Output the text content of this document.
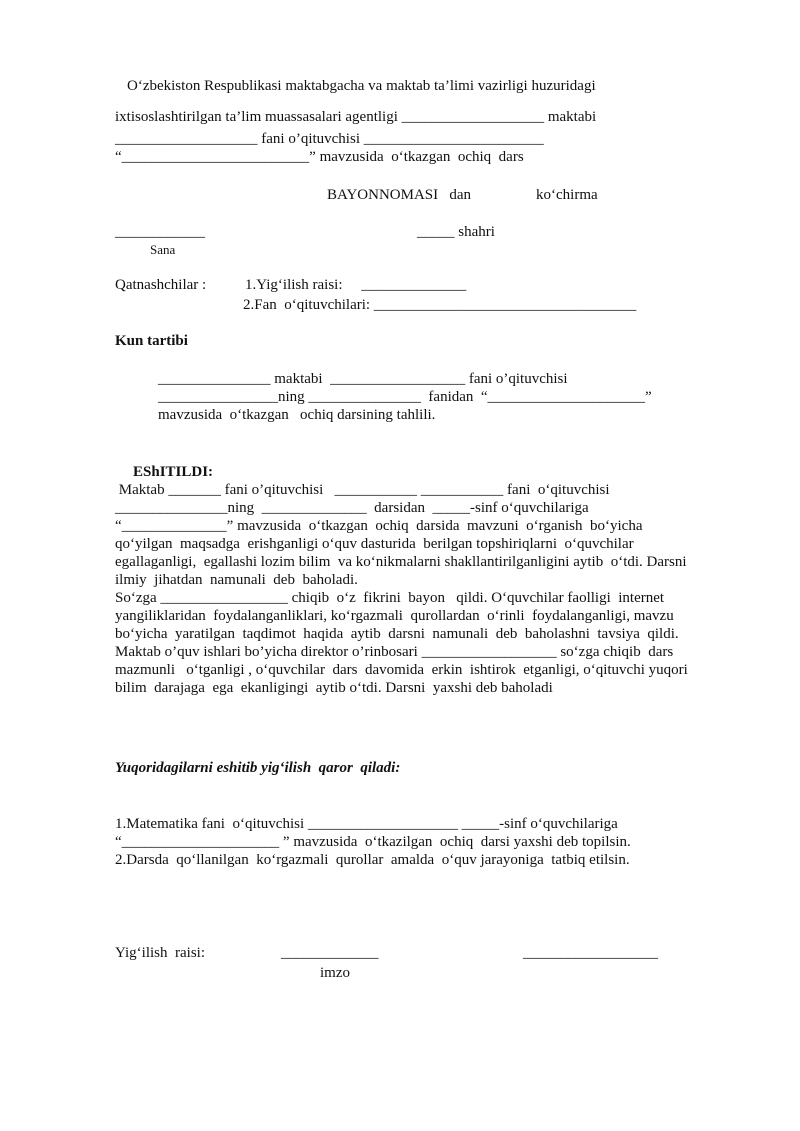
O‘zbekiston Respublikasi maktabgacha va maktab ta’limi vazirligi huzuridagi
ixtisoslashtirilgan ta’lim muassasalari agentligi ___________________ maktabi
___________________ fani o’qituvchisi ________________________
“_________________________” mavzusida  o‘tkazgan  ochiq  dars
BAYONNOMASI   dan	ko‘chirma
____________	_____ shahri
Sana
Qatnashchilar :	1.Yig‘ilish raisi:     ______________
2.Fan  o‘qituvchilari: ___________________________________
Kun tartibi
_______________ maktabi  __________________ fani o’qituvchisi
________________ning _______________  fanidan  “_____________________”
mavzusida  o‘tkazgan   ochiq darsining tahlili.
EShITILDI:
Maktab _______ fani o’qituvchisi   ___________ ___________ fani  o‘qituvchisi
_______________ning  ______________  darsidan  _____-sinf o‘quvchilariga
“______________” mavzusida  o‘tkazgan  ochiq  darsida  mavzuni  o‘rganish  bo‘yicha
qo‘yilgan  maqsadga  erishganligi o‘quv dasturida  berilgan topshiriqlarni  o‘quvchilar
egallaganligi,  egallashi lozim bilim  va ko‘nikmalarni shakllantirilganligini aytib  o‘tdi. Darsni
ilmiy  jihatdan  namunali  deb  baholadi.
So‘zga _________________ chiqib  o‘z  fikrini  bayon   qildi. O‘quvchilar faolligi  internet
yangiliklaridan  foydalanganliklari, ko‘rgazmali  qurollardan  o‘rinli  foydalanganligi, mavzu
bo‘yicha  yaratilgan  taqdimot  haqida  aytib  darsni  namunali  deb  baholashni  tavsiya  qildi.
Maktab o’quv ishlari bo’yicha direktor o’rinbosari __________________ so‘zga chiqib  dars
mazmunli   o‘tganligi , o‘quvchilar  dars  davomida  erkin  ishtirok  etganligi, o‘qituvchi yuqori
bilim  darajaga  ega  ekanligingi  aytib o‘tdi. Darsni  yaxshi deb baholadi
Yuqoridagilarni eshitib yig‘ilish  qaror  qiladi:
1.Matematika fani  o‘qituvchisi ____________________ _____-sinf o‘quvchilariga
“_____________________ ” mavzusida  o‘tkazilgan  ochiq  darsi yaxshi deb topilsin.
2.Darsda  qo‘llanilgan  ko‘rgazmali  qurollar  amalda  o‘quv jarayoniga  tatbiq etilsin.
Yig‘ilish  raisi:	_____________	__________________
imzo
